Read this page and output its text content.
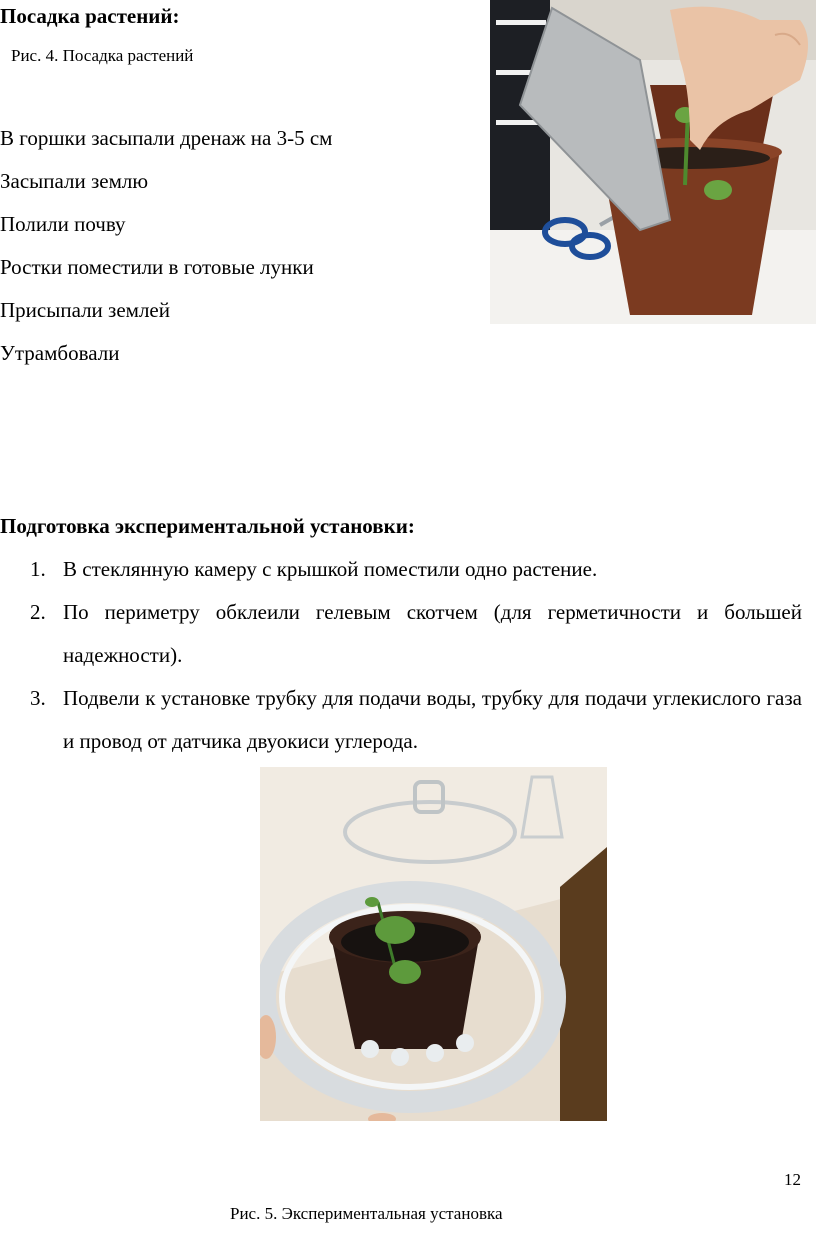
Посадка растений:
Рис. 4. Посадка растений
В горшки засыпали дренаж на 3-5 см
Засыпали землю
Полили почву
Ростки поместили в готовые лунки
Присыпали землей
Утрамбовали
Подготовка экспериментальной установки:
1. В стеклянную камеру с крышкой поместили одно растение.
2. По периметру обклеили гелевым скотчем (для герметичности и большей надежности).
3. Подвели к установке трубку для подачи воды, трубку для подачи углекислого газа и провод от датчика двуокиси углерода.
12
Рис. 5. Экспериментальная установка
